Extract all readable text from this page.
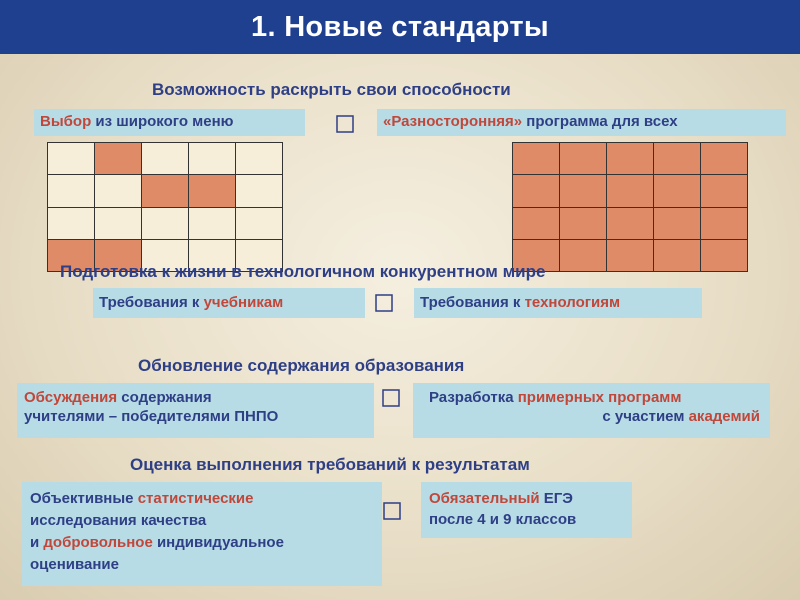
1. Новые стандарты
Возможность раскрыть свои способности
Выбор из широкого меню	«Разносторонняя» программа для всех

Подготовка к жизни в технологичном конкурентном мире
Требования к учебникам	Требования к технологиям
Обновление содержания образования
Обсуждения содержания
учителями – победителями ПНПО
Разработка примерных программ
с участием академий
Оценка выполнения требований к результатам
Объективные статистические
исследования качества
и добровольное индивидуальное
оценивание
Обязательный ЕГЭ
после 4 и 9 классов
